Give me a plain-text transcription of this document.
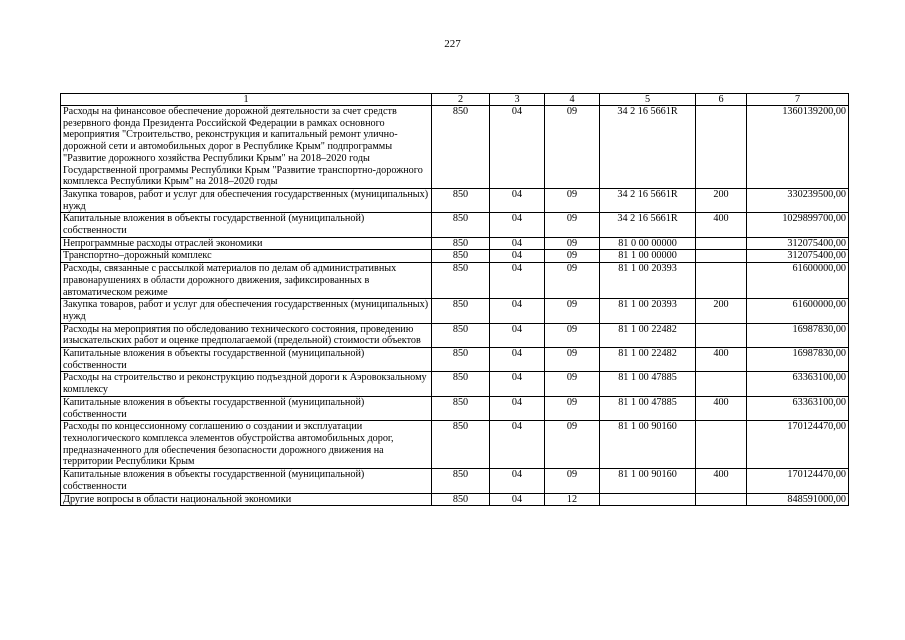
227
1	2	3	4	5	6	7
Расходы на финансовое обеспечение дорожной деятельности за счет средств резервного фонда Президента Российской Федерации в рамках основного мероприятия "Строительство, реконструкция и капитальный ремонт улично-дорожной сети и автомобильных дорог в Республике Крым" подпрограммы "Развитие дорожного хозяйства Республики Крым" на 2018–2020 годы Государственной программы Республики Крым "Развитие транспортно-дорожного комплекса Республики Крым" на 2018–2020 годы	850	04	09	34 2 16 5661R		1360139200,00
Закупка товаров, работ и услуг для обеспечения государственных (муниципальных) нужд	850	04	09	34 2 16 5661R	200	330239500,00
Капитальные вложения в объекты государственной (муниципальной) собственности	850	04	09	34 2 16 5661R	400	1029899700,00
Непрограммные расходы отраслей экономики	850	04	09	81 0 00 00000		312075400,00
Транспортно–дорожный комплекс	850	04	09	81 1 00 00000		312075400,00
Расходы, связанные с рассылкой материалов по делам об административных правонарушениях в области дорожного движения, зафиксированных в автоматическом режиме	850	04	09	81 1 00 20393		61600000,00
Закупка товаров, работ и услуг для обеспечения государственных (муниципальных) нужд	850	04	09	81 1 00 20393	200	61600000,00
Расходы на мероприятия по обследованию технического состояния, проведению изыскательских работ и оценке предполагаемой (предельной) стоимости объектов	850	04	09	81 1 00 22482		16987830,00
Капитальные вложения в объекты государственной (муниципальной) собственности	850	04	09	81 1 00 22482	400	16987830,00
Расходы на строительство и реконструкцию подъездной дороги к Аэровокзальному комплексу	850	04	09	81 1 00 47885		63363100,00
Капитальные вложения в объекты государственной (муниципальной) собственности	850	04	09	81 1 00 47885	400	63363100,00
Расходы по концессионному соглашению о создании и эксплуатации технологического комплекса элементов обустройства автомобильных дорог, предназначенного для обеспечения безопасности дорожного движения на территории Республики Крым	850	04	09	81 1 00 90160		170124470,00
Капитальные вложения в объекты государственной (муниципальной) собственности	850	04	09	81 1 00 90160	400	170124470,00
Другие вопросы в области национальной экономики	850	04	12			848591000,00
